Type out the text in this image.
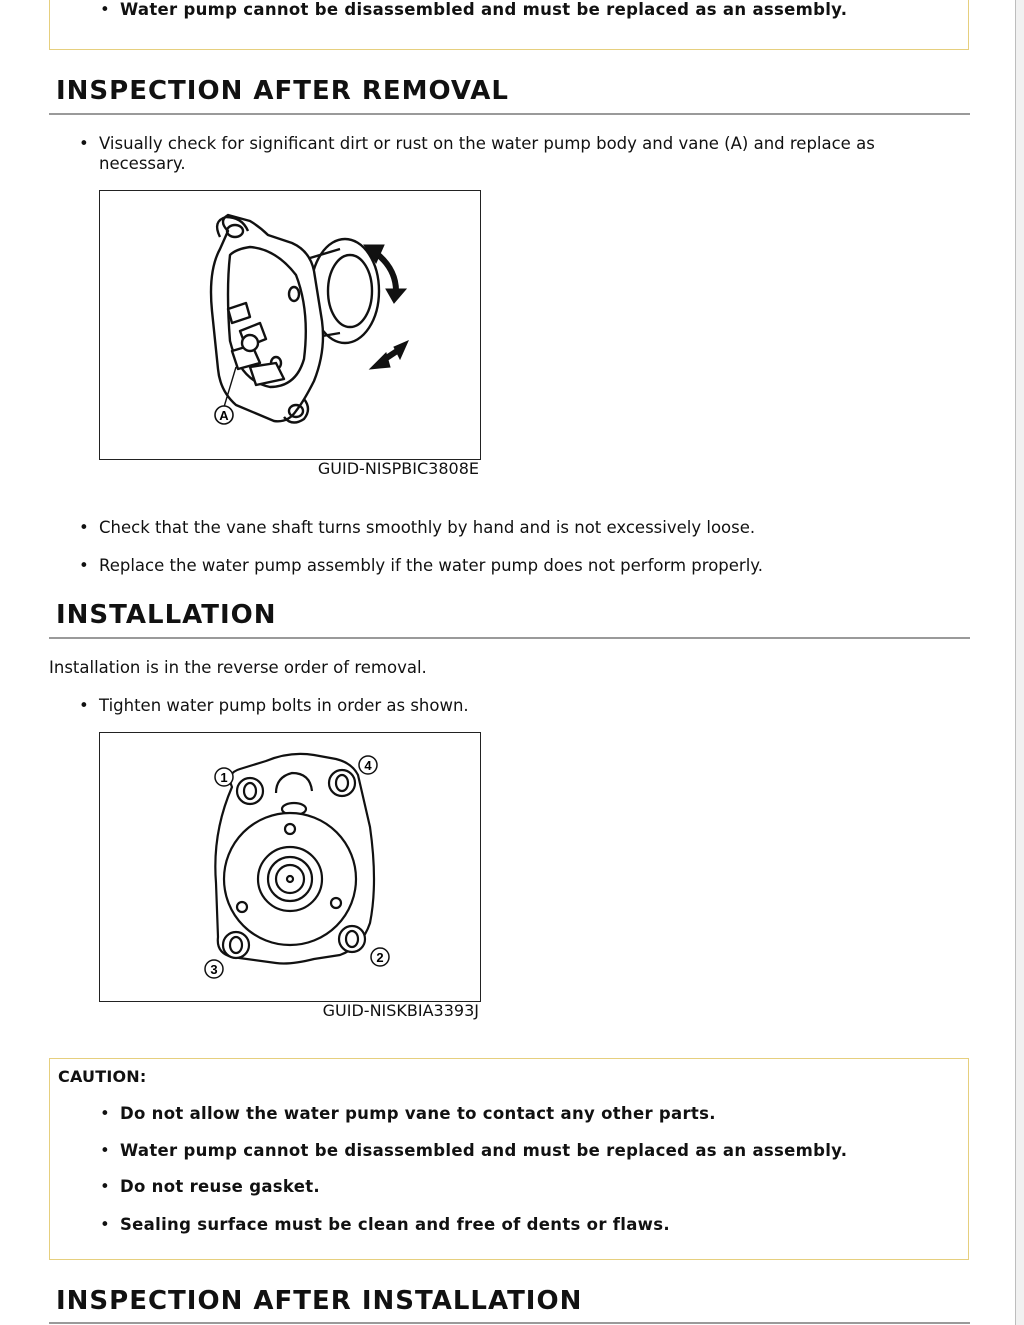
• Water pump cannot be disassembled and must be replaced as an assembly.
INSPECTION AFTER REMOVAL
• Visually check for significant dirt or rust on the water pump body and vane (A) and replace as necessary.
A
GUID-NISPBIC3808E
• Check that the vane shaft turns smoothly by hand and is not excessively loose.
• Replace the water pump assembly if the water pump does not perform properly.
INSTALLATION
Installation is in the reverse order of removal.
• Tighten water pump bolts in order as shown.
1
4
3
2
GUID-NISKBIA3393J
CAUTION:
• Do not allow the water pump vane to contact any other parts.
• Water pump cannot be disassembled and must be replaced as an assembly.
• Do not reuse gasket.
• Sealing surface must be clean and free of dents or flaws.
INSPECTION AFTER INSTALLATION
